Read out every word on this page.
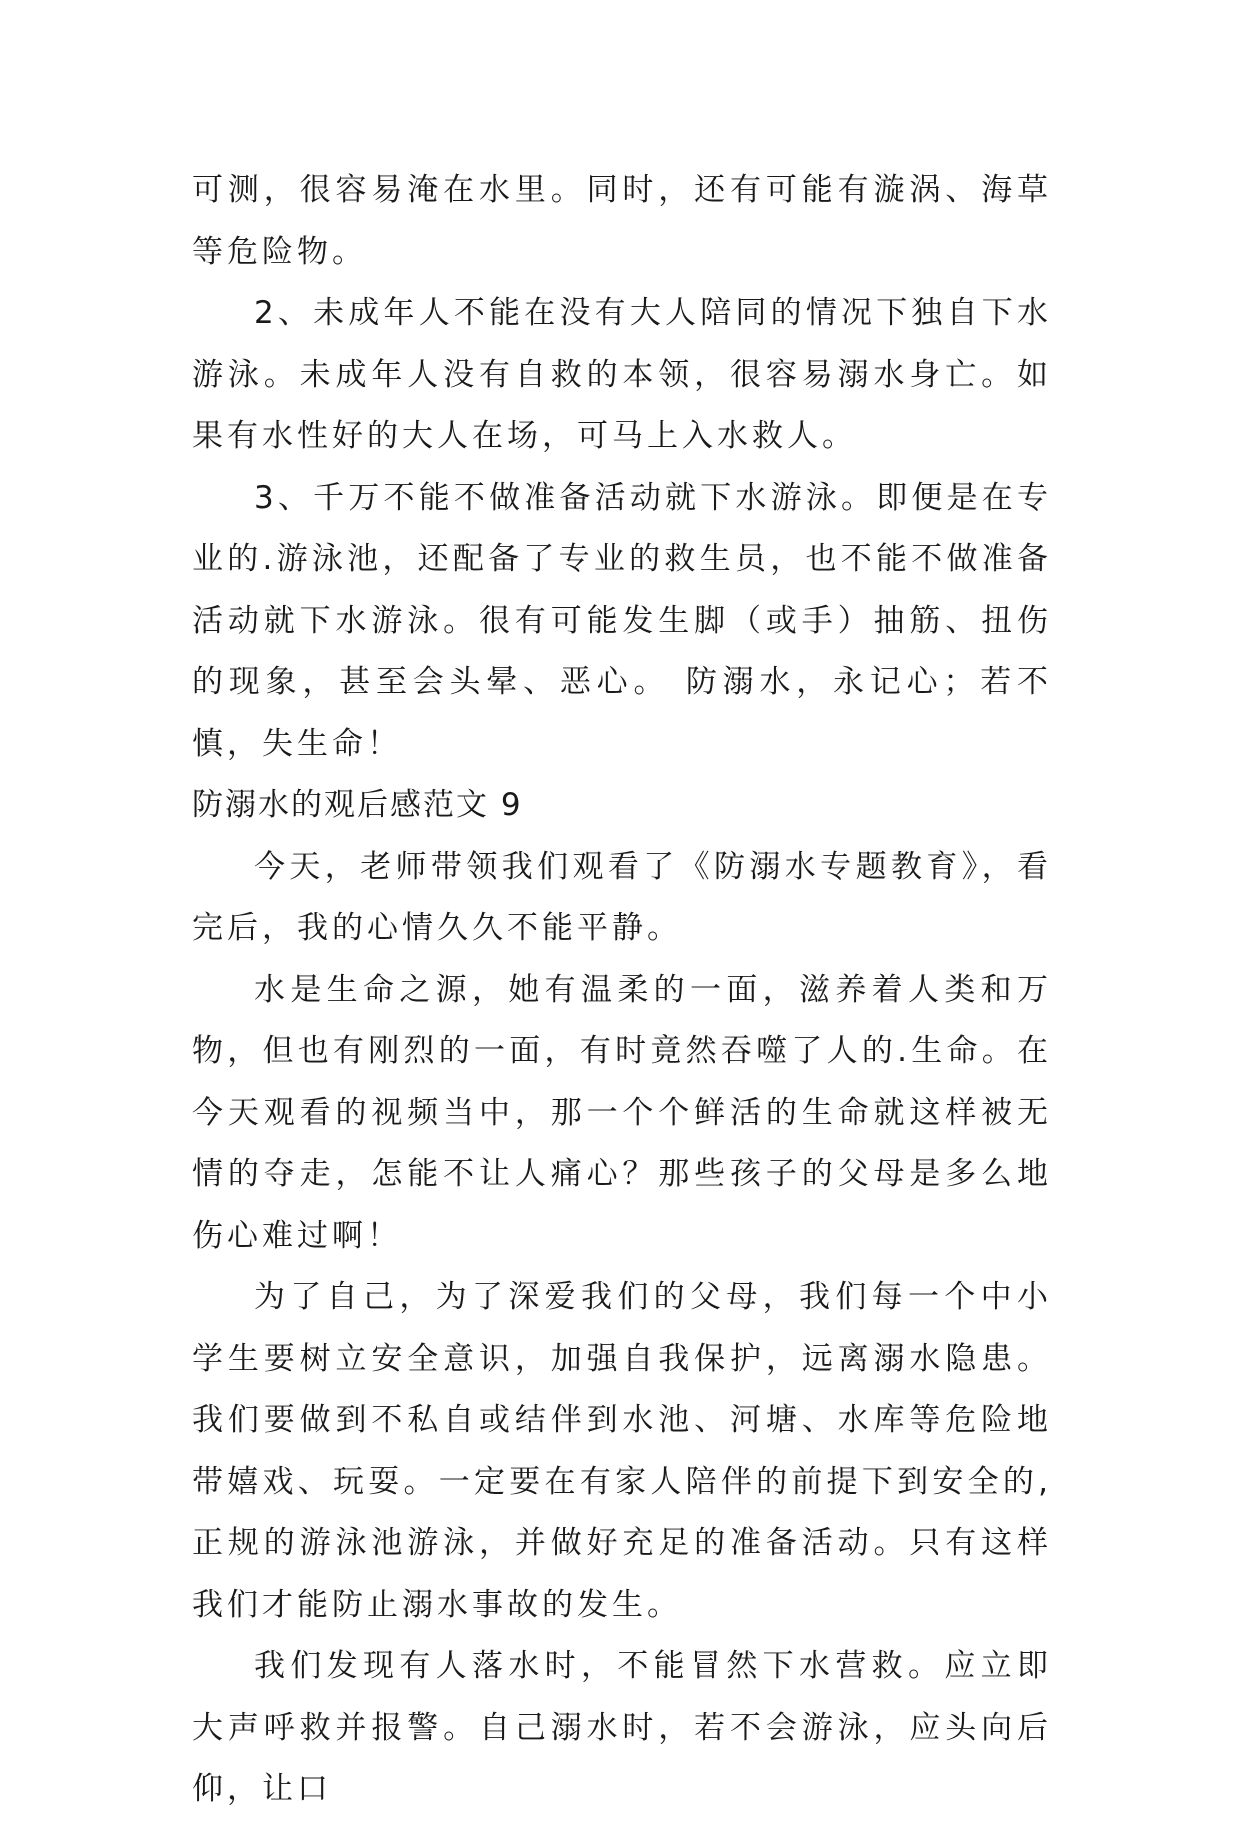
可测，很容易淹在水里。同时，还有可能有漩涡、海草等危险物。

2、未成年人不能在没有大人陪同的情况下独自下水游泳。未成年人没有自救的本领，很容易溺水身亡。如果有水性好的大人在场，可马上入水救人。

3、千万不能不做准备活动就下水游泳。即便是在专业的.游泳池，还配备了专业的救生员，也不能不做准备活动就下水游泳。很有可能发生脚（或手）抽筋、扭伤的现象，甚至会头晕、恶心。 防溺水，永记心；若不慎，失生命！

防溺水的观后感范文 9

今天，老师带领我们观看了《防溺水专题教育》，看完后，我的心情久久不能平静。

水是生命之源，她有温柔的一面，滋养着人类和万物，但也有刚烈的一面，有时竟然吞噬了人的.生命。在今天观看的视频当中，那一个个鲜活的生命就这样被无情的夺走，怎能不让人痛心？那些孩子的父母是多么地伤心难过啊！

为了自己，为了深爱我们的父母，我们每一个中小学生要树立安全意识，加强自我保护，远离溺水隐患。我们要做到不私自或结伴到水池、河塘、水库等危险地带嬉戏、玩耍。一定要在有家人陪伴的前提下到安全的,正规的游泳池游泳，并做好充足的准备活动。只有这样我们才能防止溺水事故的发生。

我们发现有人落水时，不能冒然下水营救。应立即大声呼救并报警。自己溺水时，若不会游泳，应头向后仰，让口
